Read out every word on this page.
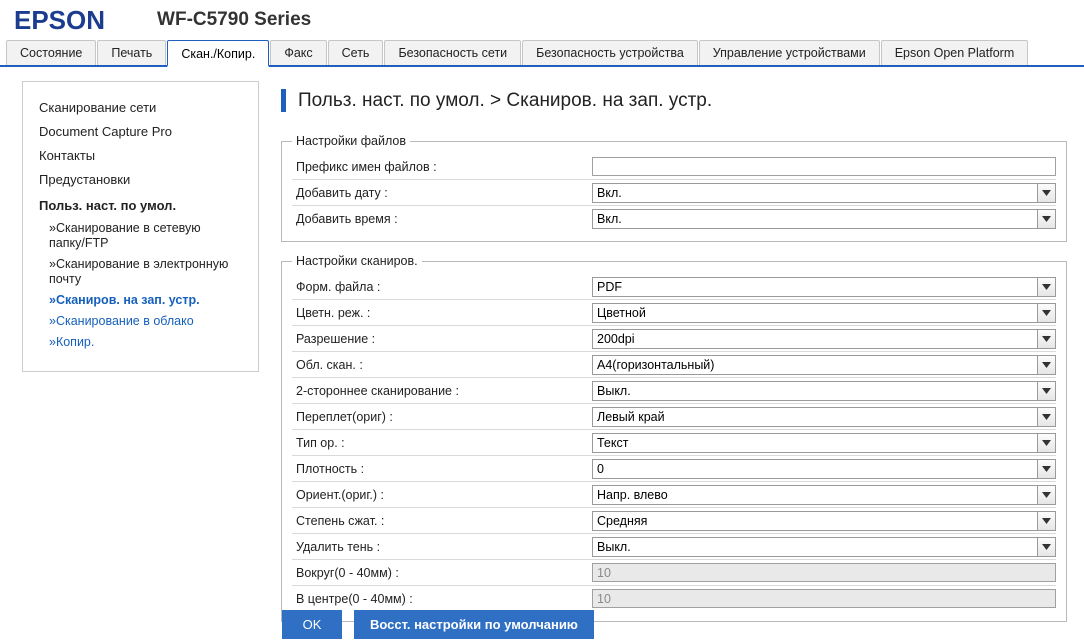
EPSON	WF-C5790 Series
Состояние	Печать	Скан./Копир.	Факс	Сеть	Безопасность сети	Безопасность устройства	Управление устройствами	Epson Open Platform
Сканирование сети
Document Capture Pro
Контакты
Предустановки
Польз. наст. по умол.
»Сканирование в сетевую папку/FTP
»Сканирование в электронную почту
»Сканиров. на зап. устр.
»Сканирование в облако
»Копир.
Польз. наст. по умол. > Сканиров. на зап. устр.
Настройки файлов
Префикс имен файлов :
Добавить дату :	Вкл.
Добавить время :	Вкл.
Настройки сканиров.
Форм. файла :	PDF
Цветн. реж. :	Цветной
Разрешение :	200dpi
Обл. скан. :	A4(горизонтальный)
2-стороннее сканирование :	Выкл.
Переплет(ориг) :	Левый край
Тип ор. :	Текст
Плотность :	0
Ориент.(ориг.) :	Напр. влево
Степень сжат. :	Средняя
Удалить тень :	Выкл.
Вокруг(0 - 40мм) :
10
В центре(0 - 40мм) :
10
OK	Восст. настройки по умолчанию
